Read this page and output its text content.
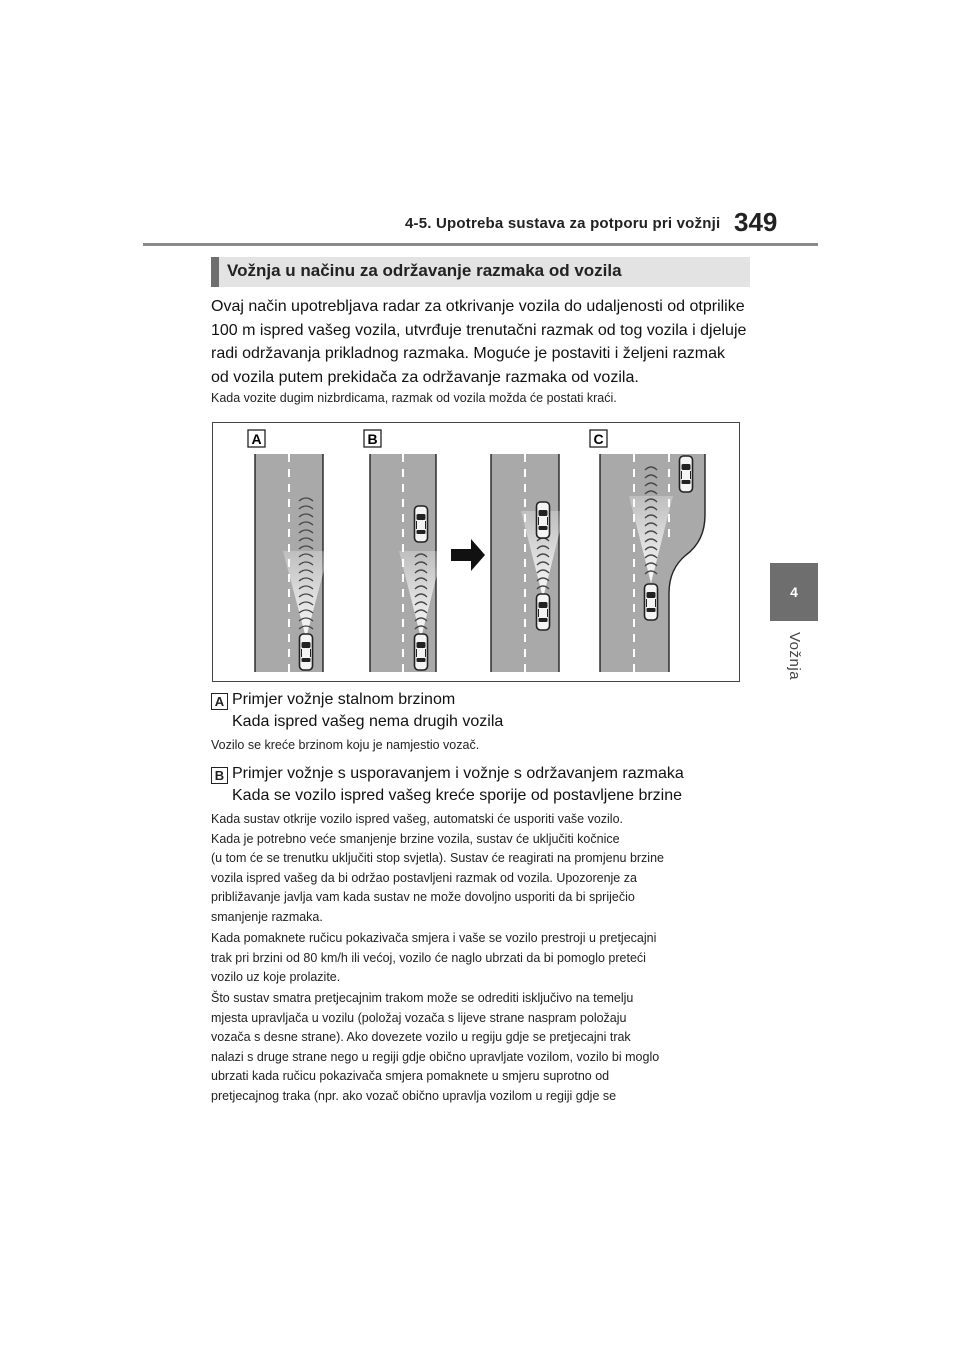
4-5. Upotreba sustava za potporu pri vožnji 349
4
Vožnja
Vožnja u načinu za održavanje razmaka od vozila
Ovaj način upotrebljava radar za otkrivanje vozila do udaljenosti od otprilike
100 m ispred vašeg vozila, utvrđuje trenutačni razmak od tog vozila i djeluje
radi održavanja prikladnog razmaka. Moguće je postaviti i željeni razmak
od vozila putem prekidača za održavanje razmaka od vozila.
Kada vozite dugim nizbrdicama, razmak od vozila možda će postati kraći.
A	B	C
A Primjer vožnje stalnom brzinom
Kada ispred vašeg nema drugih vozila
Vozilo se kreće brzinom koju je namjestio vozač.
B Primjer vožnje s usporavanjem i vožnje s održavanjem razmaka
Kada se vozilo ispred vašeg kreće sporije od postavljene brzine
Kada sustav otkrije vozilo ispred vašeg, automatski će usporiti vaše vozilo.
Kada je potrebno veće smanjenje brzine vozila, sustav će uključiti kočnice
(u tom će se trenutku uključiti stop svjetla). Sustav će reagirati na promjenu brzine
vozila ispred vašeg da bi održao postavljeni razmak od vozila. Upozorenje za
približavanje javlja vam kada sustav ne može dovoljno usporiti da bi spriječio
smanjenje razmaka.
Kada pomaknete ručicu pokazivača smjera i vaše se vozilo prestroji u pretjecajni
trak pri brzini od 80 km/h ili većoj, vozilo će naglo ubrzati da bi pomoglo preteći
vozilo uz koje prolazite.
Što sustav smatra pretjecajnim trakom može se odrediti isključivo na temelju
mjesta upravljača u vozilu (položaj vozača s lijeve strane naspram položaju
vozača s desne strane). Ako dovezete vozilo u regiju gdje se pretjecajni trak
nalazi s druge strane nego u regiji gdje obično upravljate vozilom, vozilo bi moglo
ubrzati kada ručicu pokazivača smjera pomaknete u smjeru suprotno od
pretjecajnog traka (npr. ako vozač obično upravlja vozilom u regiji gdje se
